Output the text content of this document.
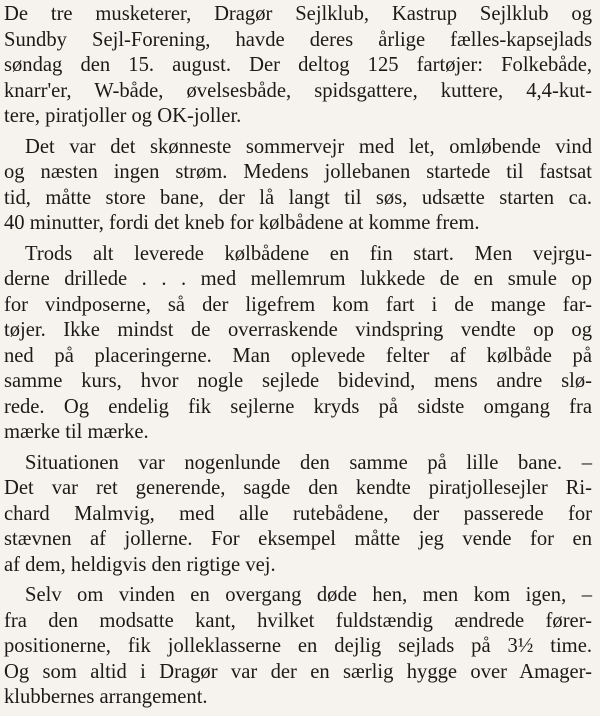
De tre musketerer, Dragør Sejlklub, Kastrup Sejlklub og
Sundby Sejl-Forening, havde deres årlige fælles-kapsejlads
søndag den 15. august. Der deltog 125 fartøjer: Folkebåde,
knarr'er, W-både, øvelsesbåde, spidsgattere, kuttere, 4,4-kut-
tere, piratjoller og OK-joller.
Det var det skønneste sommervejr med let, omløbende vind
og næsten ingen strøm. Medens jollebanen startede til fastsat
tid, måtte store bane, der lå langt til søs, udsætte starten ca.
40 minutter, fordi det kneb for kølbådene at komme frem.
Trods alt leverede kølbådene en fin start. Men vejrgu-
derne drillede . . . med mellemrum lukkede de en smule op
for vindposerne, så der ligefrem kom fart i de mange far-
tøjer. Ikke mindst de overraskende vindspring vendte op og
ned på placeringerne. Man oplevede felter af kølbåde på
samme kurs, hvor nogle sejlede bidevind, mens andre slø-
rede. Og endelig fik sejlerne kryds på sidste omgang fra
mærke til mærke.
Situationen var nogenlunde den samme på lille bane. –
Det var ret generende, sagde den kendte piratjollesejler Ri-
chard Malmvig, med alle rutebådene, der passerede for
stævnen af jollerne. For eksempel måtte jeg vende for en
af dem, heldigvis den rigtige vej.
Selv om vinden en overgang døde hen, men kom igen, –
fra den modsatte kant, hvilket fuldstændig ændrede fører-
positionerne, fik jolleklasserne en dejlig sejlads på 3½ time.
Og som altid i Dragør var der en særlig hygge over Amager-
klubbernes arrangement.
